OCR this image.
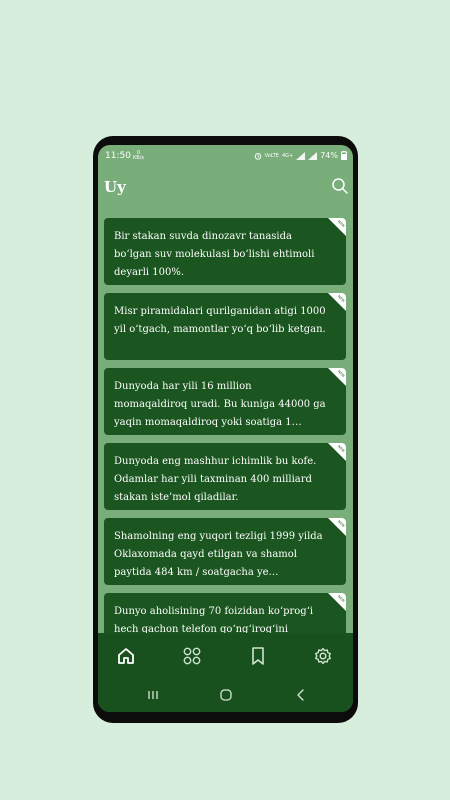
11:50	0
KB/s	VoLTE 4G+	74%
Uy
Bir stakan suvda dinozavr tanasida bo‘lgan suv molekulasi bo‘lishi ehtimoli deyarli 100%.
NEW
Misr piramidalari qurilganidan atigi 1000 yil o‘tgach, mamontlar yo‘q bo‘lib ketgan.
NEW
Dunyoda har yili 16 million momaqaldiroq uradi. Bu kuniga 44000 ga yaqin momaqaldiroq yoki soatiga 1…
NEW
Dunyoda eng mashhur ichimlik bu kofe. Odamlar har yili taxminan 400 milliard stakan iste’mol qiladilar.
NEW
Shamolning eng yuqori tezligi 1999 yilda Oklaxomada qayd etilgan va shamol paytida 484 km / soatgacha ye…
NEW
Dunyo aholisining 70 foizidan ko‘prog‘i hech qachon telefon qo‘ng‘irog‘ini
NEW
